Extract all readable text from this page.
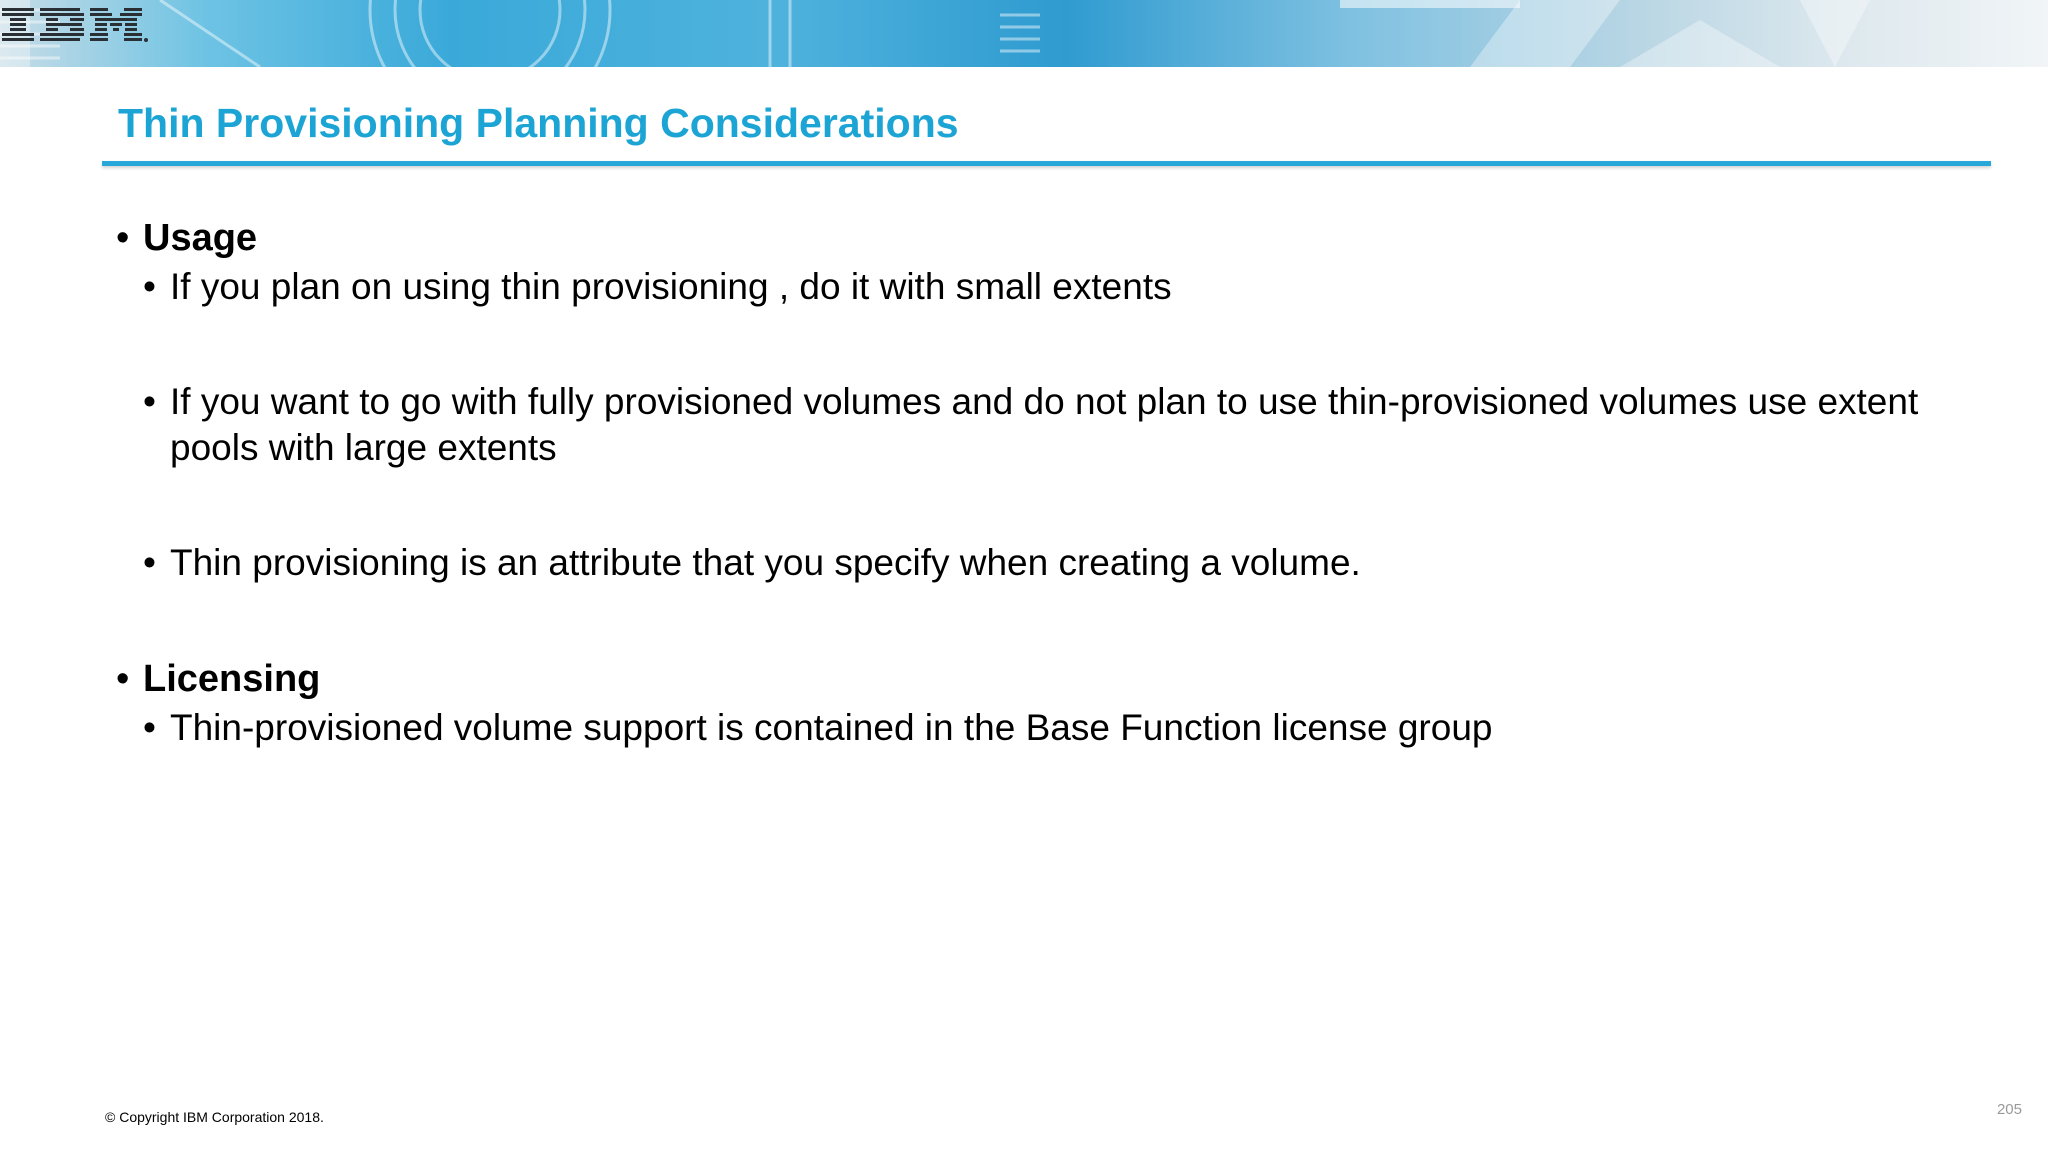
Thin Provisioning Planning Considerations

• Usage

• If you plan on using thin provisioning , do it with small extents

• If you want to go with fully provisioned volumes and do not plan to use thin-provisioned volumes use extent pools with large extents

• Thin provisioning is an attribute that you specify when creating a volume.

• Licensing

• Thin-provisioned volume support is contained in the Base Function license group

© Copyright IBM Corporation 2018.	205
